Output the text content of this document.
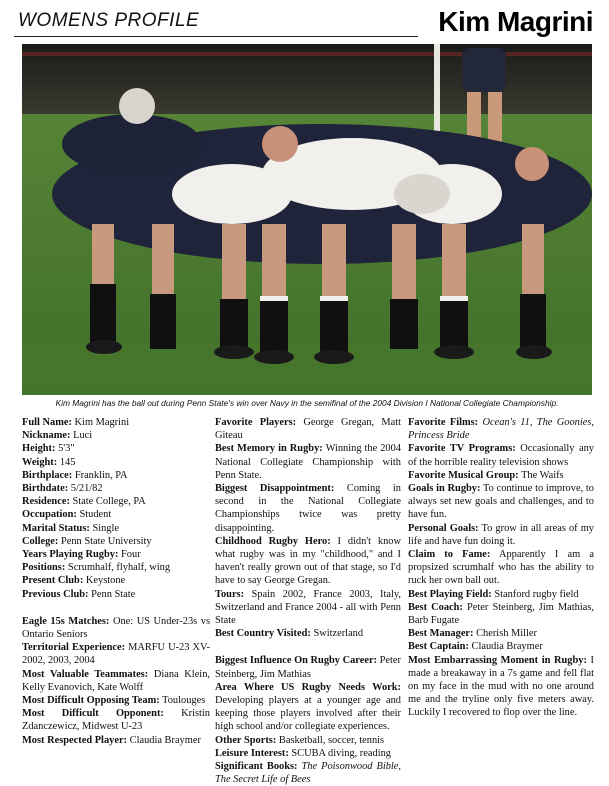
WOMENS PROFILE	Kim Magrini
Kim Magrini has the ball out during Penn State's win over Navy in the semifinal of the 2004 Division I National Collegiate Championship.
Full Name: Kim Magrini
Nickname: Luci
Height: 5'3"
Weight: 145
Birthplace: Franklin, PA
Birthdate: 5/21/82
Residence: State College, PA
Occupation: Student
Marital Status: Single
College: Penn State University
Years Playing Rugby: Four
Positions: Scrumhalf, flyhalf, wing
Present Club: Keystone
Previous Club: Penn State
Eagle 15s Matches: One: US Under-23s vs Ontario Seniors
Territorial Experience: MARFU U-23 XV- 2002, 2003, 2004
Most Valuable Teammates: Diana Klein, Kelly Evanovich, Kate Wolff
Most Difficult Opposing Team: Toulouges
Most Difficult Opponent: Kristin Zdanczewicz, Midwest U-23
Most Respected Player: Claudia Braymer
Favorite Players: George Gregan, Matt Giteau
Best Memory in Rugby: Winning the 2004 National Collegiate Championship with Penn State.
Biggest Disappointment: Coming in second in the National Collegiate Championships twice was pretty disappointing.
Childhood Rugby Hero: I didn't know what rugby was in my "childhood," and I haven't really grown out of that stage, so I'd have to say George Gregan.
Tours: Spain 2002, France 2003, Italy, Switzerland and France 2004 - all with Penn State
Best Country Visited: Switzerland
Biggest Influence On Rugby Career: Peter Steinberg, Jim Mathias
Area Where US Rugby Needs Work: Developing players at a younger age and keeping those players involved after their high school and/or collegiate experiences.
Other Sports: Basketball, soccer, tennis
Leisure Interest: SCUBA diving, reading
Significant Books: The Poisonwood Bible, The Secret Life of Bees
Favorite Films: Ocean's 11, The Goonies, Princess Bride
Favorite TV Programs: Occasionally any of the horrible reality television shows
Favorite Musical Group: The Waifs
Goals in Rugby: To continue to improve, to always set new goals and challenges, and to have fun.
Personal Goals: To grow in all areas of my life and have fun doing it.
Claim to Fame: Apparently I am a propsized scrumhalf who has the ability to ruck her own ball out.
Best Playing Field: Stanford rugby field
Best Coach: Peter Steinberg, Jim Mathias, Barb Fugate
Best Manager: Cherish Miller
Best Captain: Claudia Braymer
Most Embarrassing Moment in Rugby: I made a breakaway in a 7s game and fell flat on my face in the mud with no one around me and the tryline only five meters away. Luckily I recovered to flop over the line.
